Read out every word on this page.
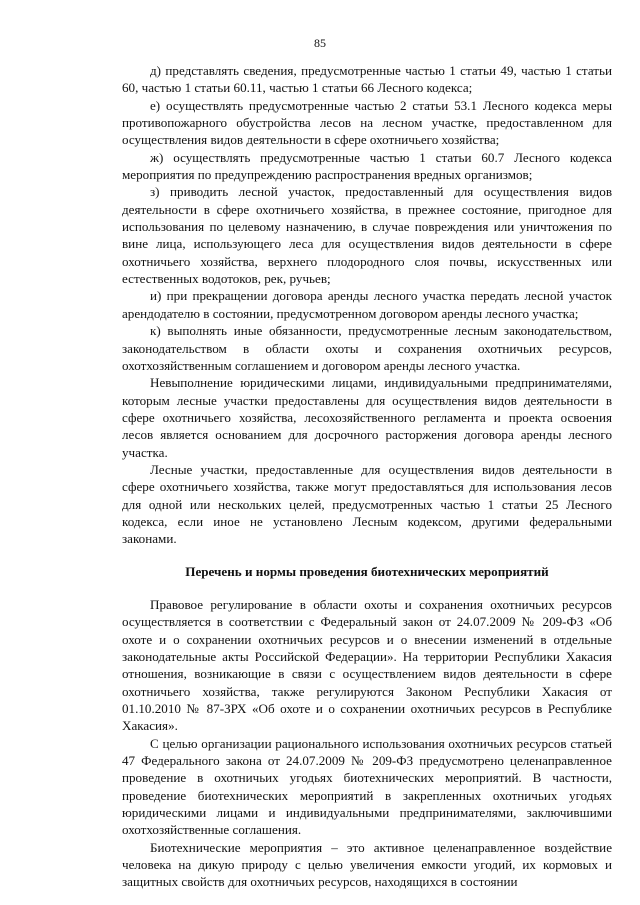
85

д) представлять сведения, предусмотренные частью 1 статьи 49, частью 1 статьи 60, частью 1 статьи 60.11, частью 1 статьи 66 Лесного кодекса;

е) осуществлять предусмотренные частью 2 статьи 53.1 Лесного кодекса меры противопожарного обустройства лесов на лесном участке, предоставленном для осуществления видов деятельности в сфере охотничьего хозяйства;

ж) осуществлять предусмотренные частью 1 статьи 60.7 Лесного кодекса мероприятия по предупреждению распространения вредных организмов;

з) приводить лесной участок, предоставленный для осуществления видов деятельности в сфере охотничьего хозяйства, в прежнее состояние, пригодное для использования по целевому назначению, в случае повреждения или уничтожения по вине лица, использующего леса для осуществления видов деятельности в сфере охотничьего хозяйства, верхнего плодородного слоя почвы, искусственных или естественных водотоков, рек, ручьев;

и) при прекращении договора аренды лесного участка передать лесной участок арендодателю в состоянии, предусмотренном договором аренды лесного участка;

к) выполнять иные обязанности, предусмотренные лесным законодательством, законодательством в области охоты и сохранения охотничьих ресурсов, охотхозяйственным соглашением и договором аренды лесного участка.

Невыполнение юридическими лицами, индивидуальными предпринимателями, которым лесные участки предоставлены для осуществления видов деятельности в сфере охотничьего хозяйства, лесохозяйственного регламента и проекта освоения лесов является основанием для досрочного расторжения договора аренды лесного участка.

Лесные участки, предоставленные для осуществления видов деятельности в сфере охотничьего хозяйства, также могут предоставляться для использования лесов для одной или нескольких целей, предусмотренных частью 1 статьи 25 Лесного кодекса, если иное не установлено Лесным кодексом, другими федеральными законами.

Перечень и нормы проведения биотехнических мероприятий

Правовое регулирование в области охоты и сохранения охотничьих ресурсов осуществляется в соответствии с Федеральный закон от 24.07.2009 № 209-ФЗ «Об охоте и о сохранении охотничьих ресурсов и о внесении изменений в отдельные законодательные акты Российской Федерации». На территории Республики Хакасия отношения, возникающие в связи с осуществлением видов деятельности в сфере охотничьего хозяйства, также регулируются Законом Республики Хакасия от 01.10.2010 № 87-ЗРХ «Об охоте и о сохранении охотничьих ресурсов в Республике Хакасия».

С целью организации рационального использования охотничьих ресурсов статьей 47 Федерального закона от 24.07.2009 № 209-ФЗ предусмотрено целенаправленное проведение в охотничьих угодьях биотехнических мероприятий. В частности, проведение биотехнических мероприятий в закрепленных охотничьих угодьях юридическими лицами и индивидуальными предпринимателями, заключившими охотхозяйственные соглашения.

Биотехнические мероприятия – это активное целенаправленное воздействие человека на дикую природу с целью увеличения емкости угодий, их кормовых и защитных свойств для охотничьих ресурсов, находящихся в состоянии
